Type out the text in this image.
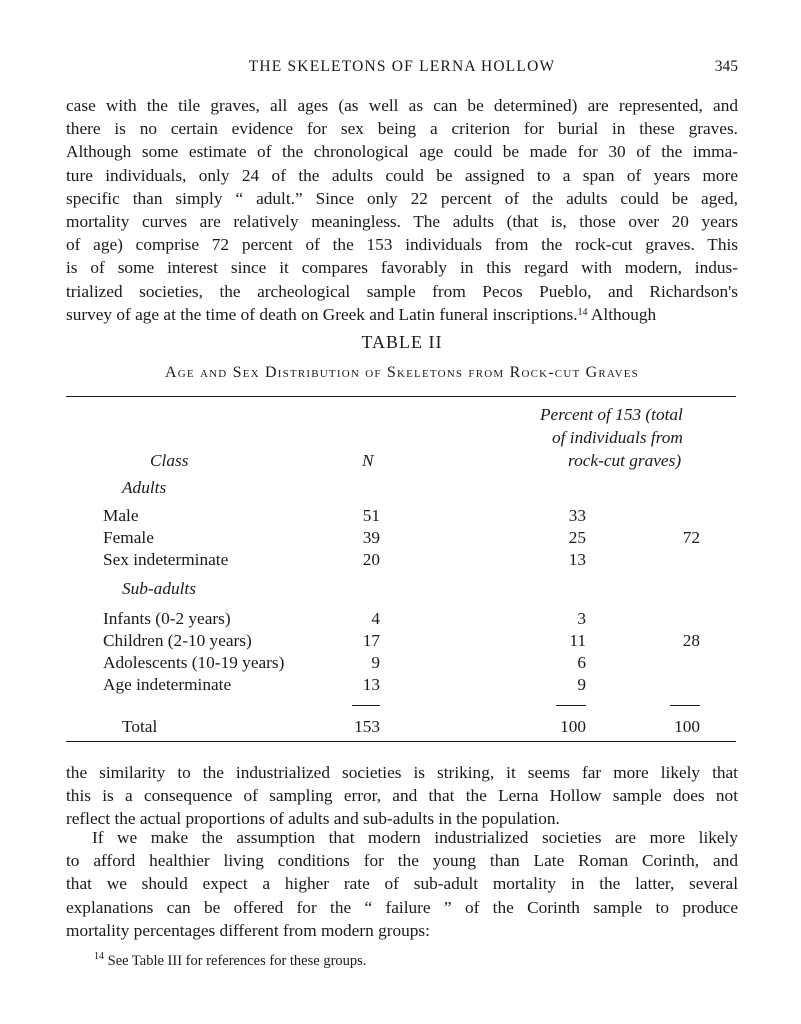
THE SKELETONS OF LERNA HOLLOW	345
case with the tile graves, all ages (as well as can be determined) are represented, and
there is no certain evidence for sex being a criterion for burial in these graves.
Although some estimate of the chronological age could be made for 30 of the imma-
ture individuals, only 24 of the adults could be assigned to a span of years more
specific than simply “ adult.” Since only 22 percent of the adults could be aged,
mortality curves are relatively meaningless. The adults (that is, those over 20 years
of age) comprise 72 percent of the 153 individuals from the rock-cut graves. This
is of some interest since it compares favorably in this regard with modern, indus-
trialized societies, the archeological sample from Pecos Pueblo, and Richardson's
survey of age at the time of death on Greek and Latin funeral inscriptions.$^{14}$ Although
TABLE II
Age and Sex Distribution of Skeletons from Rock-cut Graves
Percent of 153 (total
of individuals from
rock-cut graves)
Class	N
Adults
Male	51	33
Female	39	25	72
Sex indeterminate	20	13
Sub-adults
Infants (0-2 years)	4	3
Children (2-10 years)	17	11	28
Adolescents (10-19 years)	9	6
Age indeterminate	13	9
Total	153	100	100
the similarity to the industrialized societies is striking, it seems far more likely that
this is a consequence of sampling error, and that the Lerna Hollow sample does not
reflect the actual proportions of adults and sub-adults in the population.
If we make the assumption that modern industrialized societies are more likely
to afford healthier living conditions for the young than Late Roman Corinth, and
that we should expect a higher rate of sub-adult mortality in the latter, several
explanations can be offered for the “ failure ” of the Corinth sample to produce
mortality percentages different from modern groups:
$^{14}$ See Table III for references for these groups.
